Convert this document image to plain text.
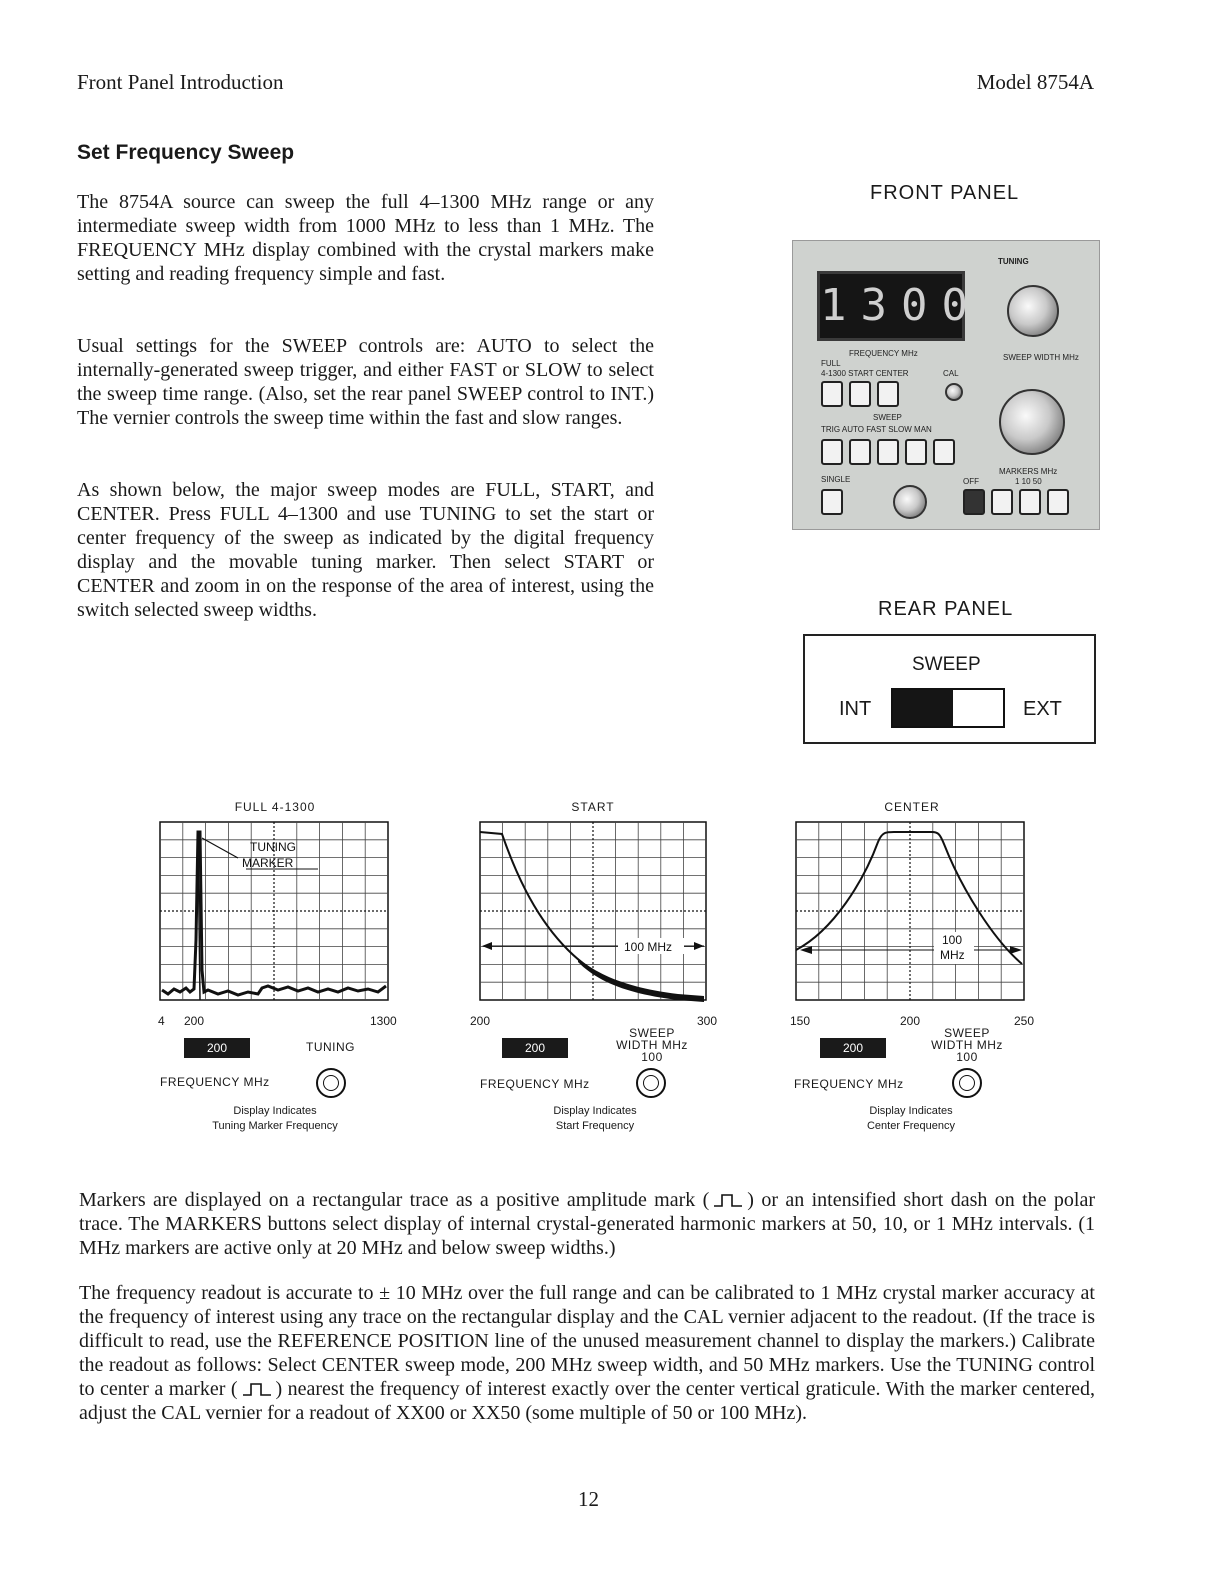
Front Panel Introduction	Model 8754A
Set Frequency Sweep

The 8754A source can sweep the full 4–1300 MHz range or any intermediate sweep width from 1000 MHz to less than 1 MHz. The FREQUENCY MHz display combined with the crystal markers make setting and reading frequency simple and fast.

Usual settings for the SWEEP controls are: AUTO to select the internally-generated sweep trigger, and either FAST or SLOW to select the sweep time range. (Also, set the rear panel SWEEP control to INT.) The vernier controls the sweep time within the fast and slow ranges.

As shown below, the major sweep modes are FULL, START, and CENTER. Press FULL 4–1300 and use TUNING to set the start or center frequency of the sweep as indicated by the digital frequency display and the movable tuning marker. Then select START or CENTER and zoom in on the response of the area of interest, using the switch selected sweep widths.

FRONT PANEL
1300
FREQUENCY MHz
TUNING
SWEEP WIDTH MHz
FULL
4-1300 START CENTER	CAL
SWEEP
TRIG AUTO FAST SLOW MAN
SINGLE
MARKERS MHz
1 10 50
OFF
REAR PANEL
SWEEP
INT	EXT
FULL 4-1300
TUNING
MARKER
4 200	1300
200	TUNING
FREQUENCY MHz
Display Indicates
Tuning Marker Frequency
START
100 MHz
200	300
200
SWEEP
WIDTH MHz
100
FREQUENCY MHz
Display Indicates
Start Frequency
CENTER
100
MHz
150	200	250
200
SWEEP
WIDTH MHz
100
FREQUENCY MHz
Display Indicates
Center Frequency

Markers are displayed on a rectangular trace as a positive amplitude mark ( ) or an intensified short dash on the polar trace. The MARKERS buttons select display of internal crystal-generated harmonic markers at 50, 10, or 1 MHz intervals. (1 MHz markers are active only at 20 MHz and below sweep widths.)

The frequency readout is accurate to ± 10 MHz over the full range and can be calibrated to 1 MHz crystal marker accuracy at the frequency of interest using any trace on the rectangular display and the CAL vernier adjacent to the readout. (If the trace is difficult to read, use the REFERENCE POSITION line of the unused measurement channel to display the markers.) Calibrate the readout as follows: Select CENTER sweep mode, 200 MHz sweep width, and 50 MHz markers. Use the TUNING control to center a marker ( ) nearest the frequency of interest exactly over the center vertical graticule. With the marker centered, adjust the CAL vernier for a readout of XX00 or XX50 (some multiple of 50 or 100 MHz).

12
